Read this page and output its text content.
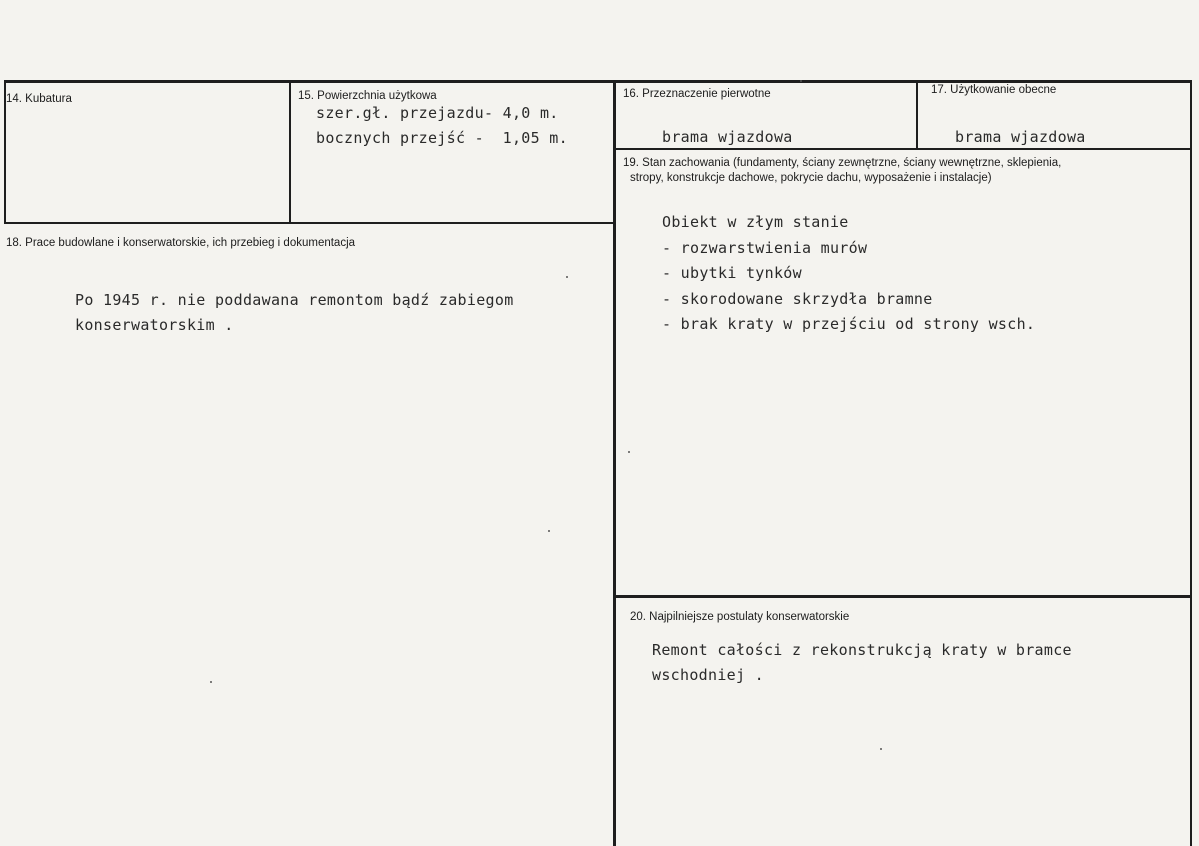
14. Kubatura	15. Powierzchnia użytkowa
szer.gł. przejazdu- 4,0 m.
bocznych przejść -  1,05 m.
16. Przeznaczenie pierwotne
brama wjazdowa
17. Użytkowanie obecne
brama wjazdowa
18. Prace budowlane i konserwatorskie, ich przebieg i dokumentacja
Po 1945 r. nie poddawana remontom bądź zabiegom
konserwatorskim .
19. Stan zachowania (fundamenty, ściany zewnętrzne, ściany wewnętrzne, sklepienia,
stropy, konstrukcje dachowe, pokrycie dachu, wyposażenie i instalacje)
Obiekt w złym stanie
- rozwarstwienia murów
- ubytki tynków
- skorodowane skrzydła bramne
- brak kraty w przejściu od strony wsch.
20. Najpilniejsze postulaty konserwatorskie
Remont całości z rekonstrukcją kraty w bramce
wschodniej .
